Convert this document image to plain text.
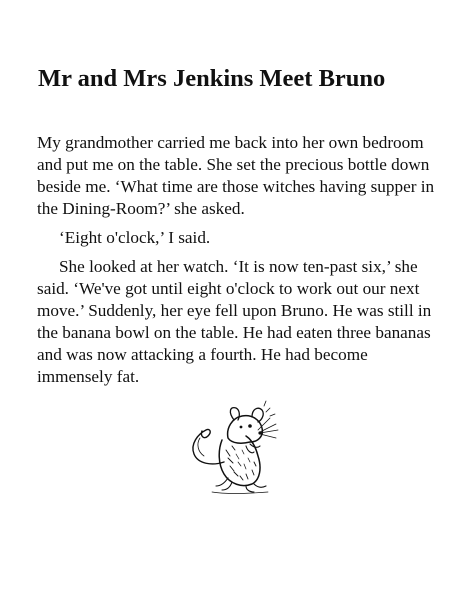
Mr and Mrs Jenkins Meet Bruno

My grandmother carried me back into her own bedroom and put me on the table. She set the precious bottle down beside me. ‘What time are those witches having supper in the Dining-Room?’ she asked.

‘Eight o'clock,’ I said.

She looked at her watch. ‘It is now ten-past six,’ she said. ‘We've got until eight o'clock to work out our next move.’ Suddenly, her eye fell upon Bruno. He was still in the banana bowl on the table. He had eaten three bananas and was now attacking a fourth. He had become immensely fat.
